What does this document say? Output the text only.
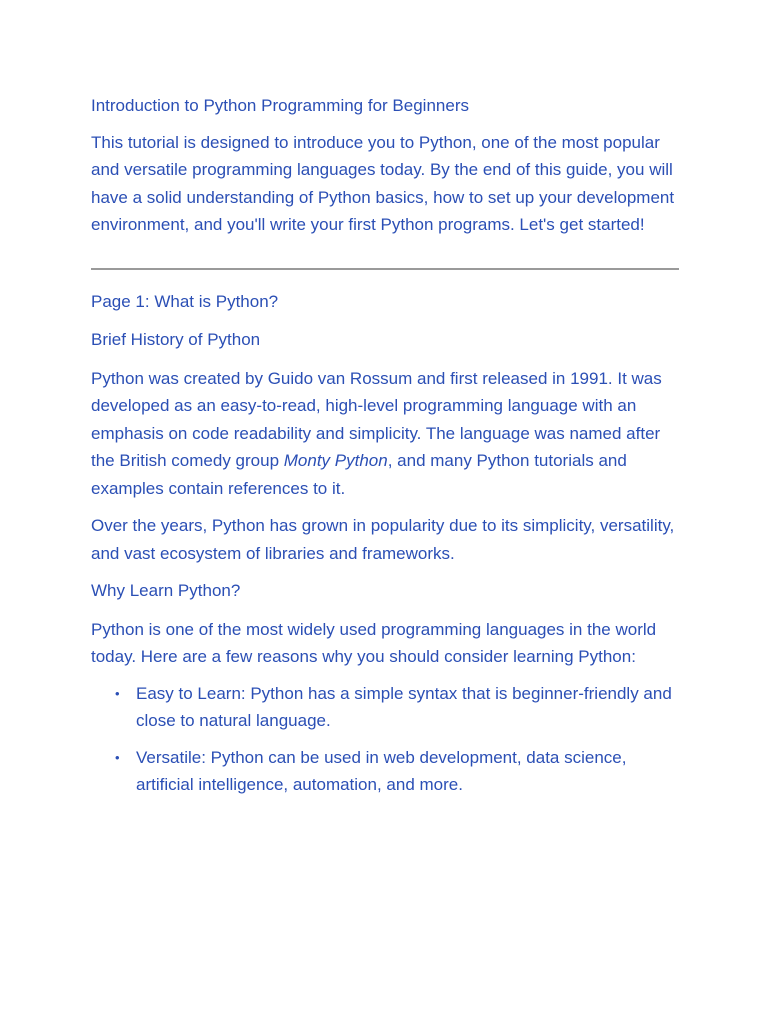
Introduction to Python Programming for Beginners

This tutorial is designed to introduce you to Python, one of the most popular and versatile programming languages today. By the end of this guide, you will have a solid understanding of Python basics, how to set up your development environment, and you'll write your first Python programs. Let's get started!

Page 1: What is Python?

Brief History of Python

Python was created by Guido van Rossum and first released in 1991. It was developed as an easy-to-read, high-level programming language with an emphasis on code readability and simplicity. The language was named after the British comedy group Monty Python, and many Python tutorials and examples contain references to it.

Over the years, Python has grown in popularity due to its simplicity, versatility, and vast ecosystem of libraries and frameworks.

Why Learn Python?

Python is one of the most widely used programming languages in the world today. Here are a few reasons why you should consider learning Python:

• Easy to Learn: Python has a simple syntax that is beginner-friendly and close to natural language.
• Versatile: Python can be used in web development, data science, artificial intelligence, automation, and more.
